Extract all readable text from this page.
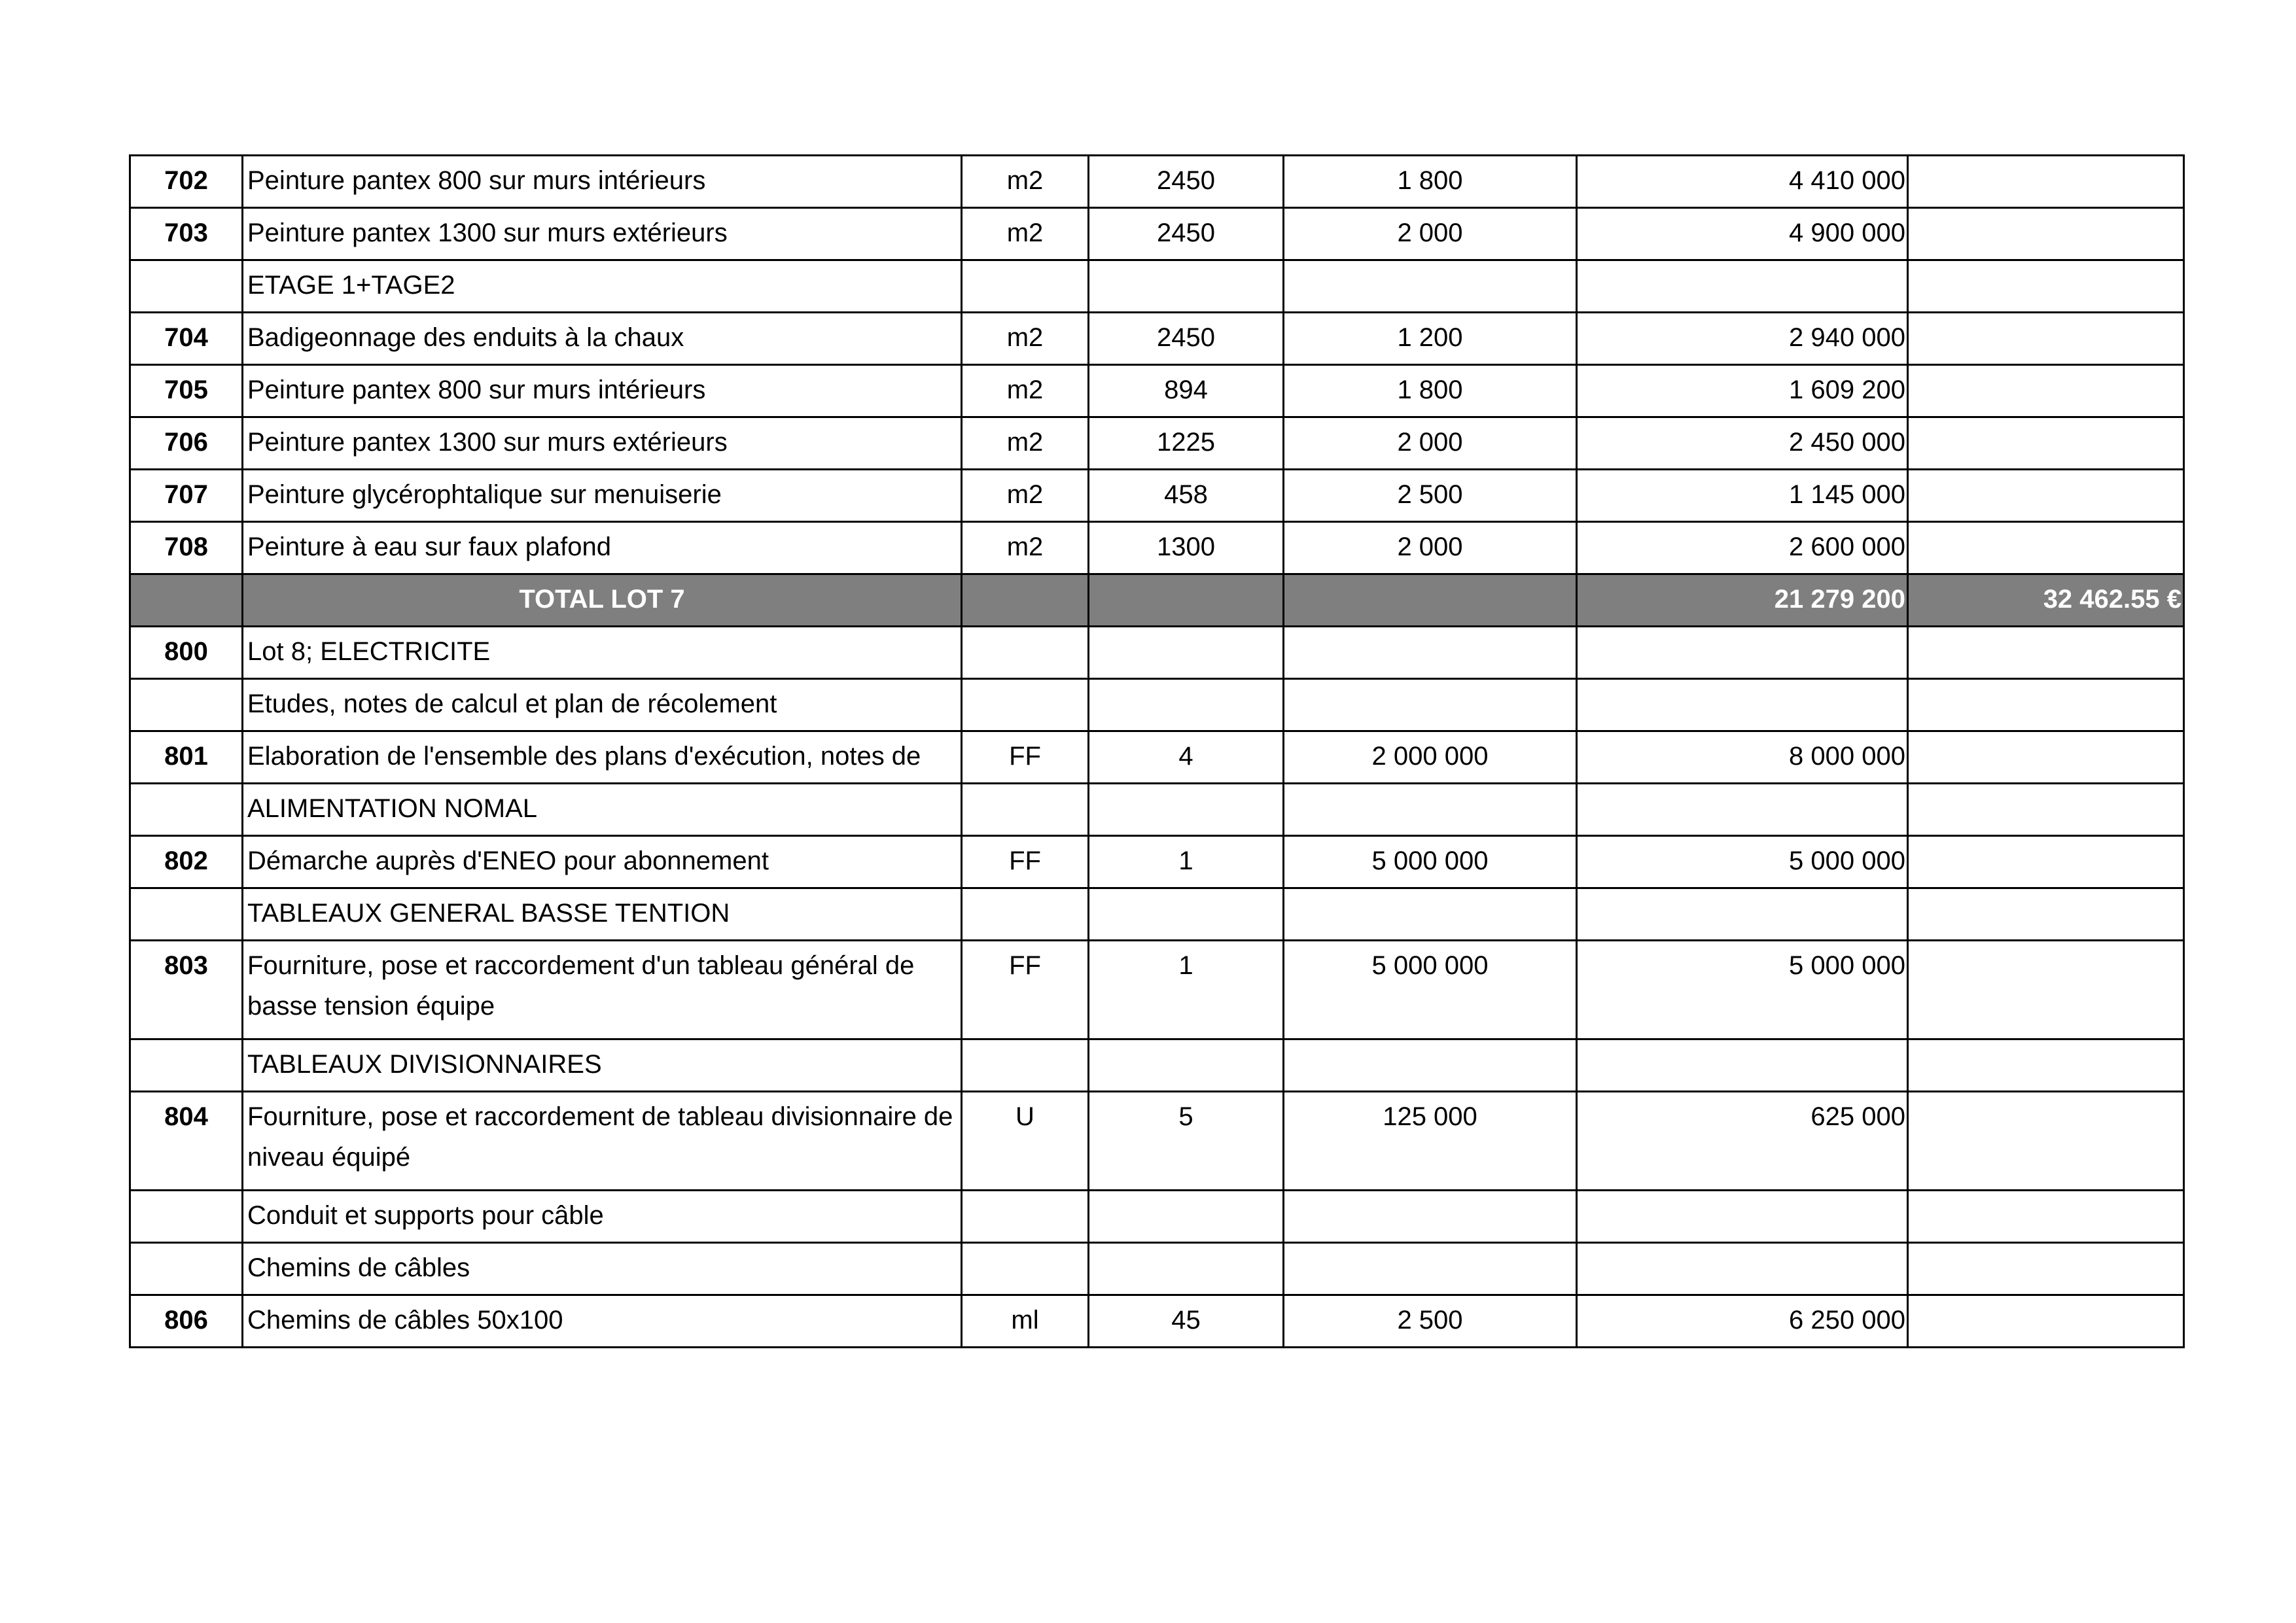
702	Peinture pantex 800 sur murs intérieurs	m2	2450	1 800	4 410 000	
703	Peinture pantex 1300 sur murs extérieurs	m2	2450	2 000	4 900 000	
	ETAGE 1+TAGE2					
704	Badigeonnage des enduits à la chaux	m2	2450	1 200	2 940 000	
705	Peinture pantex 800 sur murs intérieurs	m2	894	1 800	1 609 200	
706	Peinture pantex 1300 sur murs extérieurs	m2	1225	2 000	2 450 000	
707	Peinture glycérophtalique sur menuiserie	m2	458	2 500	1 145 000	
708	Peinture à eau sur faux plafond	m2	1300	2 000	2 600 000	
	TOTAL LOT 7				21 279 200	32 462.55 €
800	Lot 8; ELECTRICITE					
	Etudes, notes de calcul et plan de récolement					
801	Elaboration de l'ensemble des plans d'exécution, notes de	FF	4	2 000 000	8 000 000	
	ALIMENTATION NOMAL					
802	Démarche auprès d'ENEO pour abonnement	FF	1	5 000 000	5 000 000	
	TABLEAUX GENERAL BASSE TENTION					
803	Fourniture, pose et raccordement d'un tableau général de basse tension équipe	FF	1	5 000 000	5 000 000	
	TABLEAUX DIVISIONNAIRES					
804	Fourniture, pose et raccordement de tableau divisionnaire de niveau équipé	U	5	125 000	625 000	
	Conduit et supports pour câble					
	Chemins de câbles					
806	Chemins de câbles 50x100	ml	45	2 500	6 250 000	
